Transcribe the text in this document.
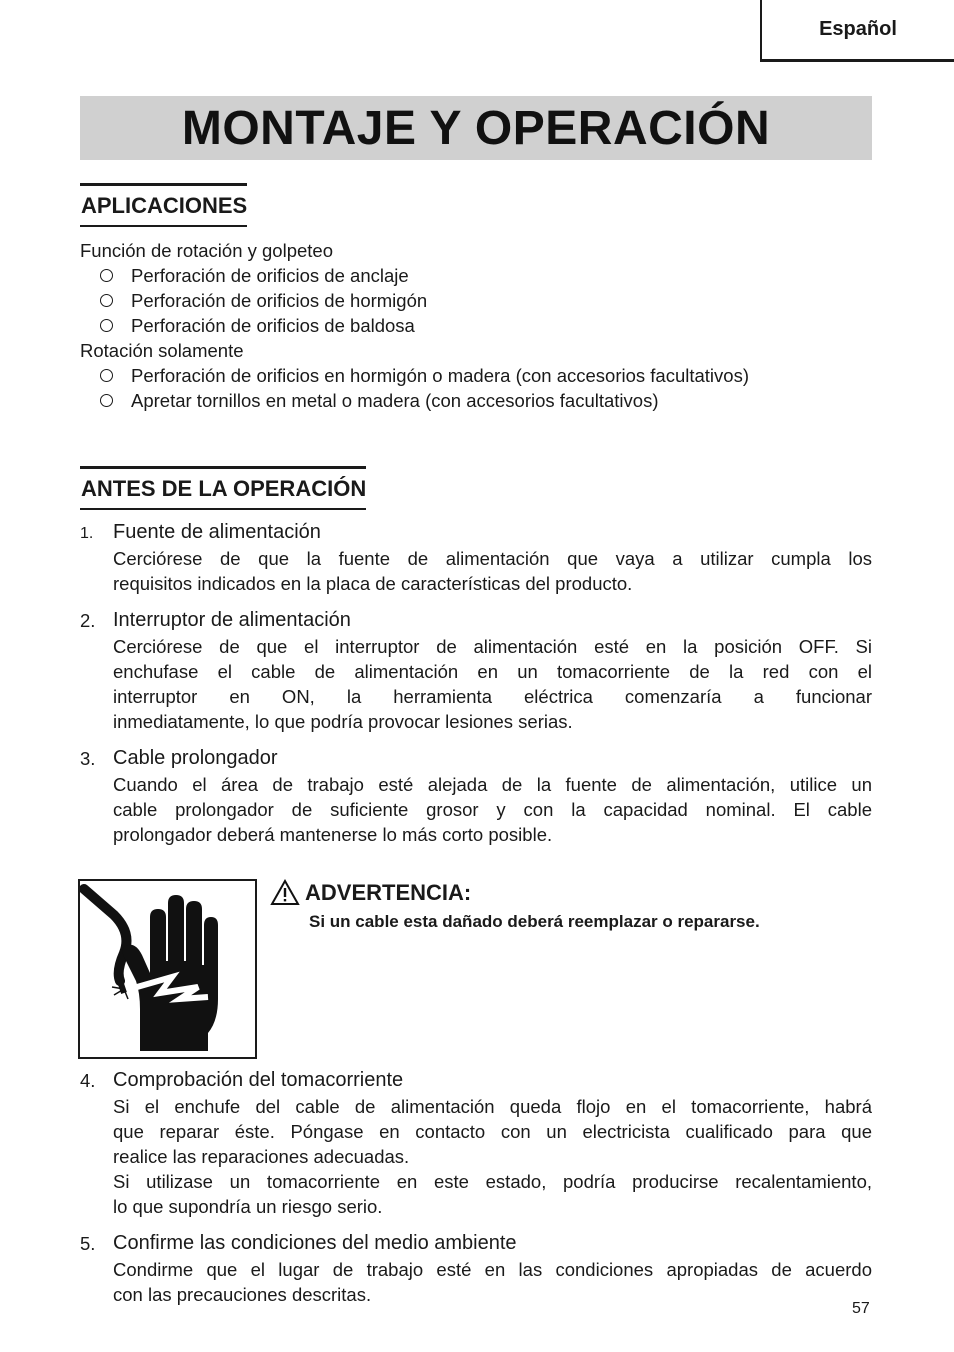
Español
MONTAJE Y OPERACIÓN
APLICACIONES
Función de rotación y golpeteo
Perforación de orificios de anclaje
Perforación de orificios de hormigón
Perforación de orificios de baldosa
Rotación solamente
Perforación de orificios en hormigón o madera (con accesorios facultativos)
Apretar tornillos en metal o madera (con accesorios facultativos)
ANTES DE LA OPERACIÓN
1. Fuente de alimentación
Cerciórese de que la fuente de alimentación que vaya a utilizar cumpla los
requisitos indicados en la placa de características del producto.
2. Interruptor de alimentación
Cerciórese de que el interruptor de alimentación esté en la posición OFF. Si
enchufase el cable de alimentación en un tomacorriente de la red con el
interruptor en ON, la herramienta eléctrica comenzaría a funcionar
inmediatamente, lo que podría provocar lesiones serias.
3. Cable prolongador
Cuando el área de trabajo esté alejada de la fuente de alimentación, utilice un
cable prolongador de suficiente grosor y con la capacidad nominal. El cable
prolongador deberá mantenerse lo más corto posible.
ADVERTENCIA:
Si un cable esta dañado deberá reemplazar o repararse.
4. Comprobación del tomacorriente
Si el enchufe del cable de alimentación queda flojo en el tomacorriente, habrá
que reparar éste. Póngase en contacto con un electricista cualificado para que
realice las reparaciones adecuadas.
Si utilizase un tomacorriente en este estado, podría producirse recalentamiento,
lo que supondría un riesgo serio.
5. Confirme las condiciones del medio ambiente
Condirme que el lugar de trabajo esté en las condiciones apropiadas de acuerdo
con las precauciones descritas.
57
